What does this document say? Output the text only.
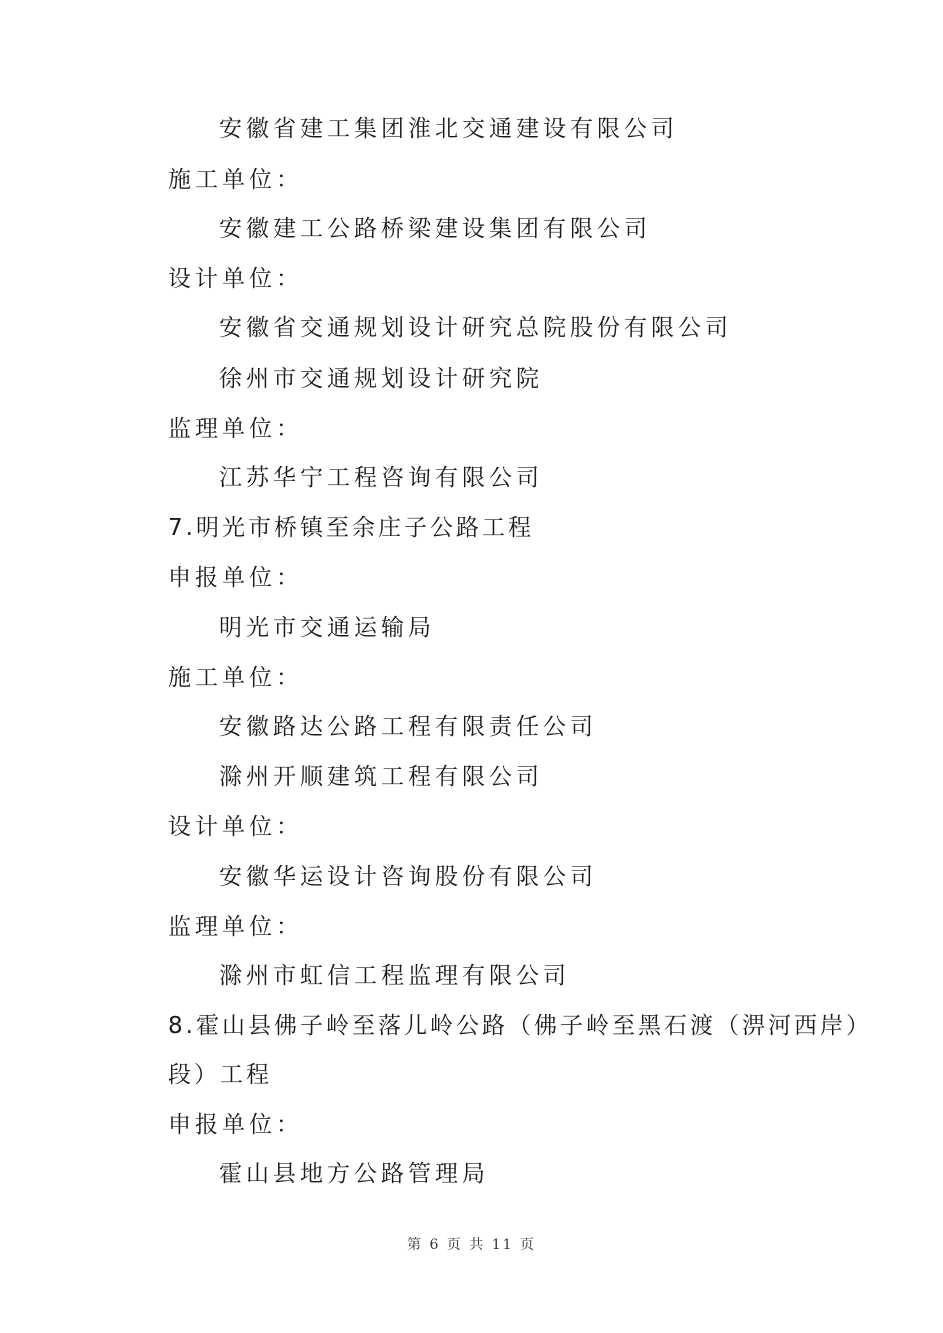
安徽省建工集团淮北交通建设有限公司
施工单位：
安徽建工公路桥梁建设集团有限公司
设计单位：
安徽省交通规划设计研究总院股份有限公司
徐州市交通规划设计研究院
监理单位：
江苏华宁工程咨询有限公司
7.明光市桥镇至余庄子公路工程
申报单位：
明光市交通运输局
施工单位：
安徽路达公路工程有限责任公司
滁州开顺建筑工程有限公司
设计单位：
安徽华运设计咨询股份有限公司
监理单位：
滁州市虹信工程监理有限公司
8.霍山县佛子岭至落儿岭公路（佛子岭至黑石渡（淠河西岸）
段）工程
申报单位：
霍山县地方公路管理局
第 6 页 共 11 页
